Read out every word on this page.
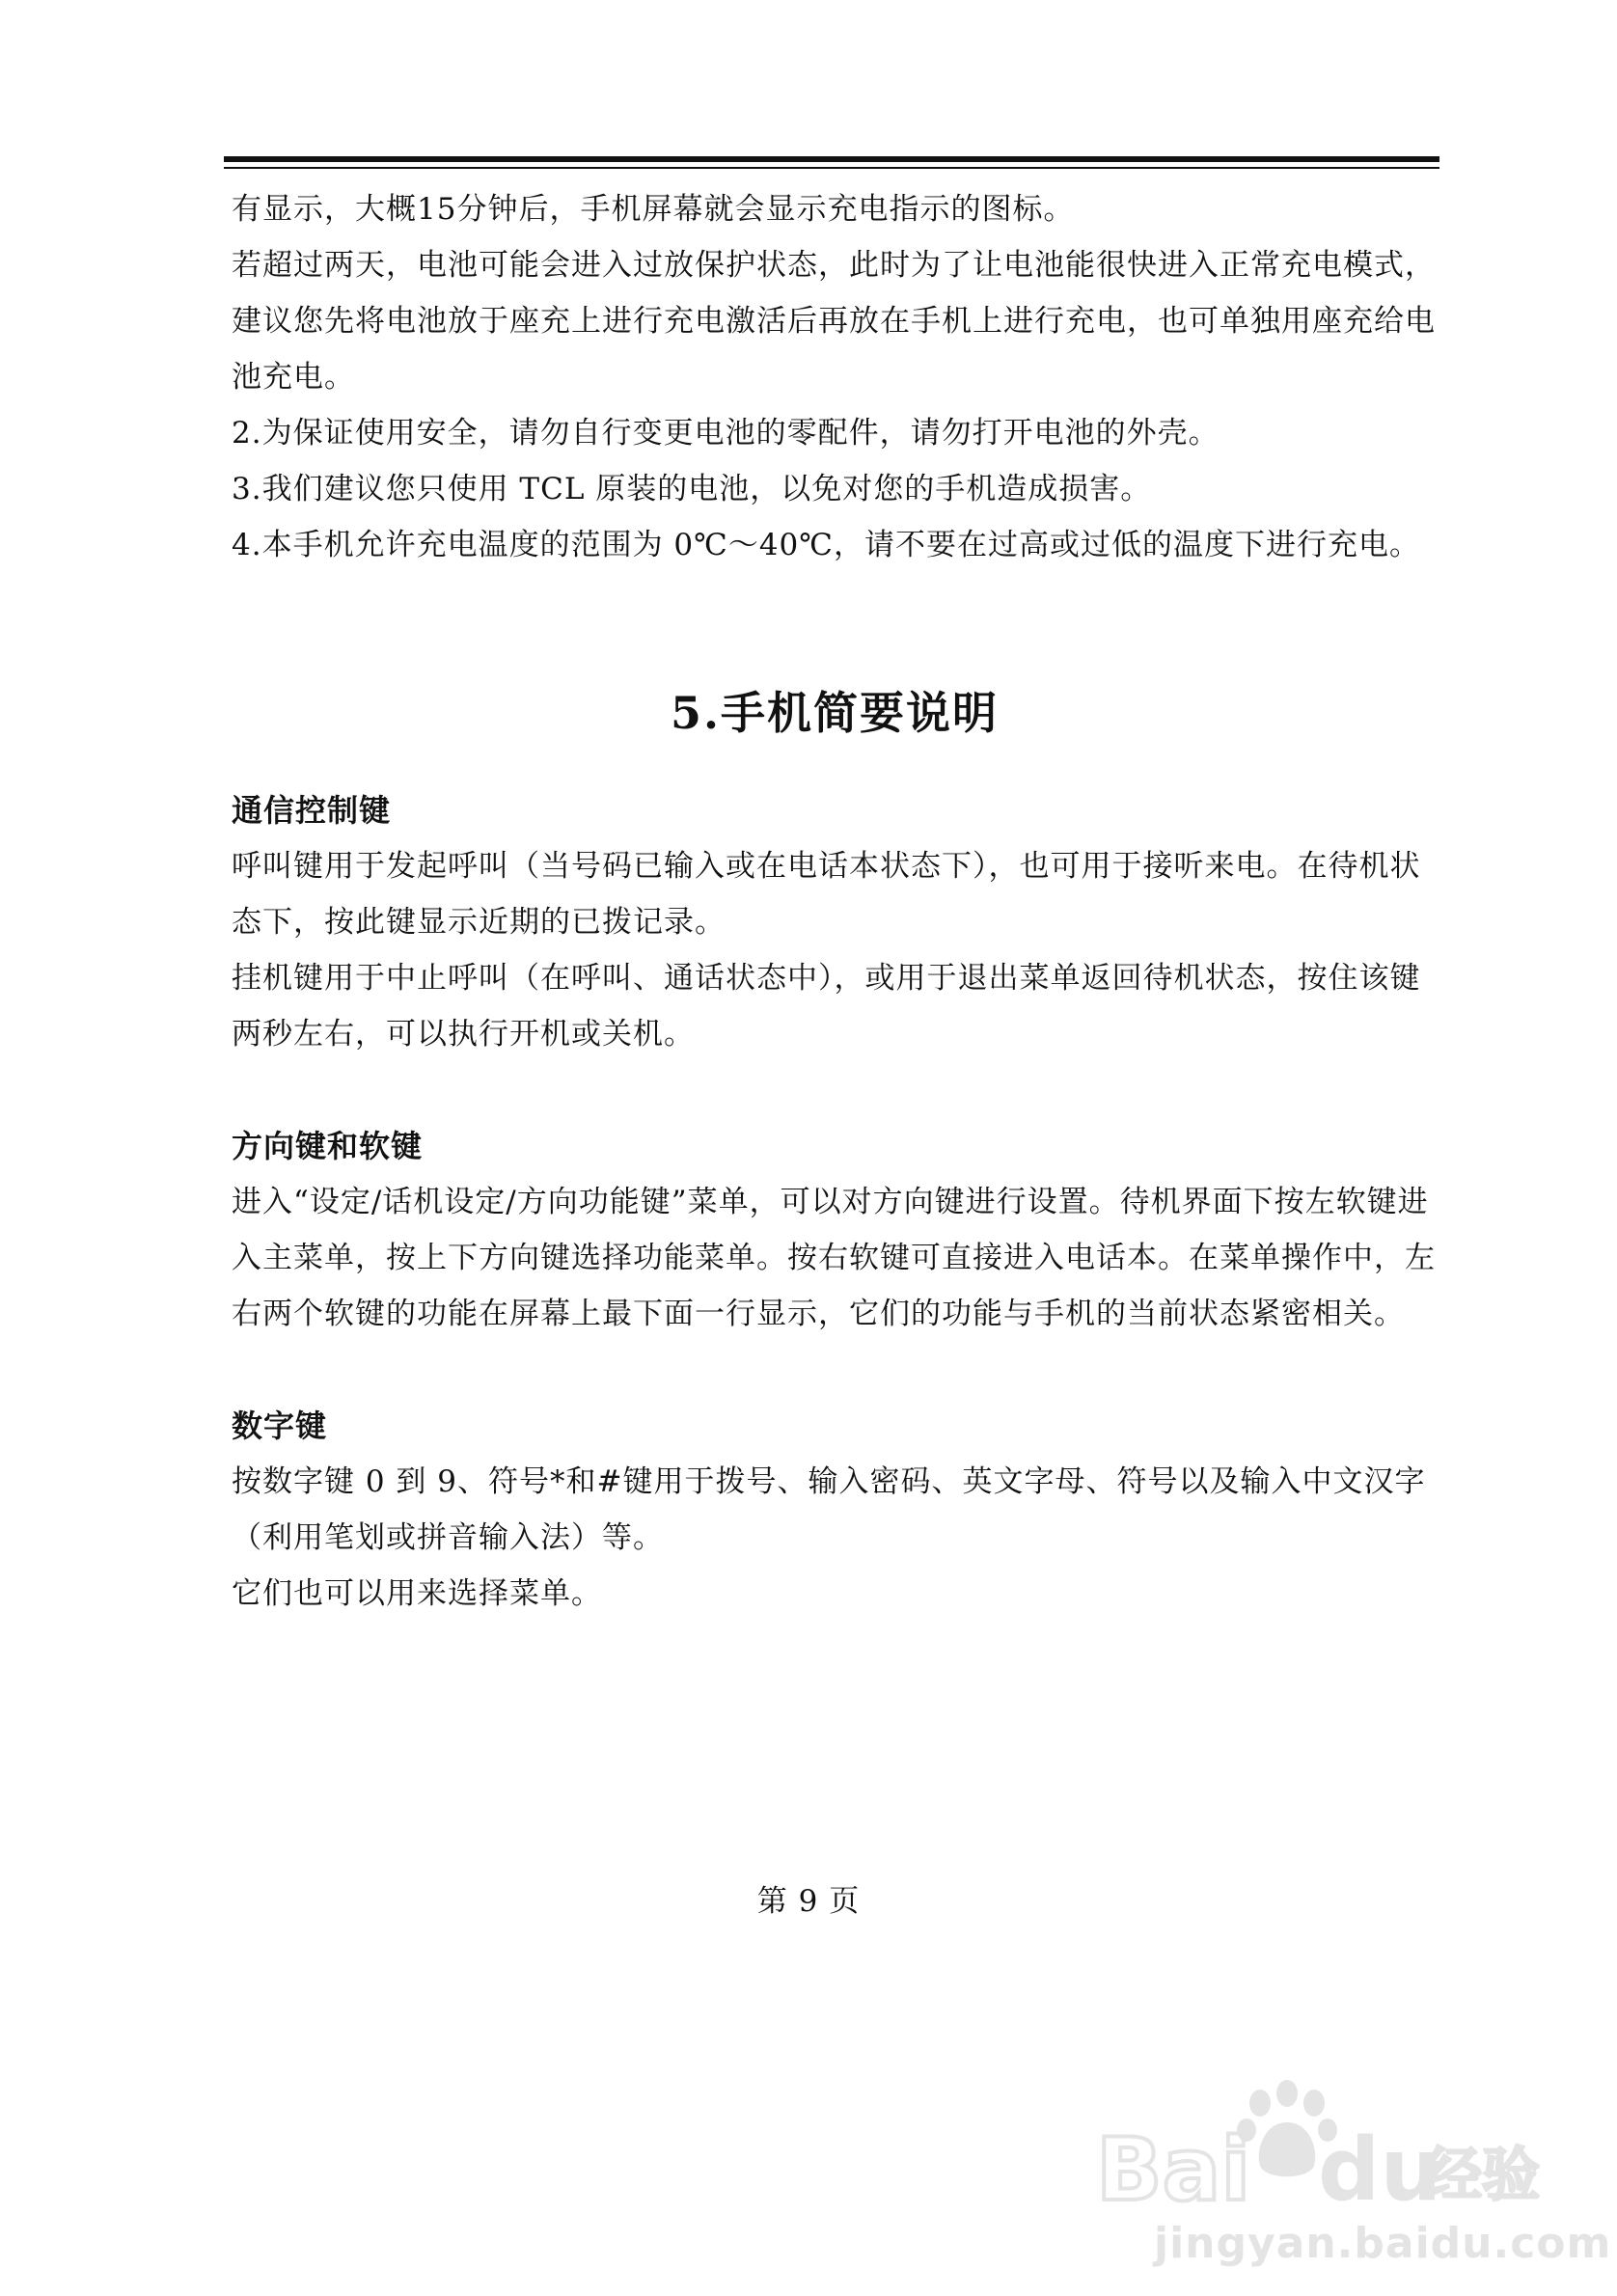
有显示，大概15分钟后，手机屏幕就会显示充电指示的图标。

若超过两天，电池可能会进入过放保护状态，此时为了让电池能很快进入正常充电模式，建议您先将电池放于座充上进行充电激活后再放在手机上进行充电，也可单独用座充给电池充电。

2.为保证使用安全，请勿自行变更电池的零配件，请勿打开电池的外壳。

3.我们建议您只使用 TCL 原装的电池，以免对您的手机造成损害。

4.本手机允许充电温度的范围为 0℃～40℃，请不要在过高或过低的温度下进行充电。

5.手机简要说明
通信控制键

呼叫键用于发起呼叫（当号码已输入或在电话本状态下），也可用于接听来电。在待机状态下，按此键显示近期的已拨记录。

挂机键用于中止呼叫（在呼叫、通话状态中），或用于退出菜单返回待机状态，按住该键两秒左右，可以执行开机或关机。

方向键和软键

进入“设定/话机设定/方向功能键”菜单，可以对方向键进行设置。待机界面下按左软键进入主菜单，按上下方向键选择功能菜单。按右软键可直接进入电话本。在菜单操作中，左右两个软键的功能在屏幕上最下面一行显示，它们的功能与手机的当前状态紧密相关。

数字键

按数字键 0 到 9、符号*和#键用于拨号、输入密码、英文字母、符号以及输入中文汉字（利用笔划或拼音输入法）等。

它们也可以用来选择菜单。

第 9 页
Bai du
经验
jingyan.baidu.com
